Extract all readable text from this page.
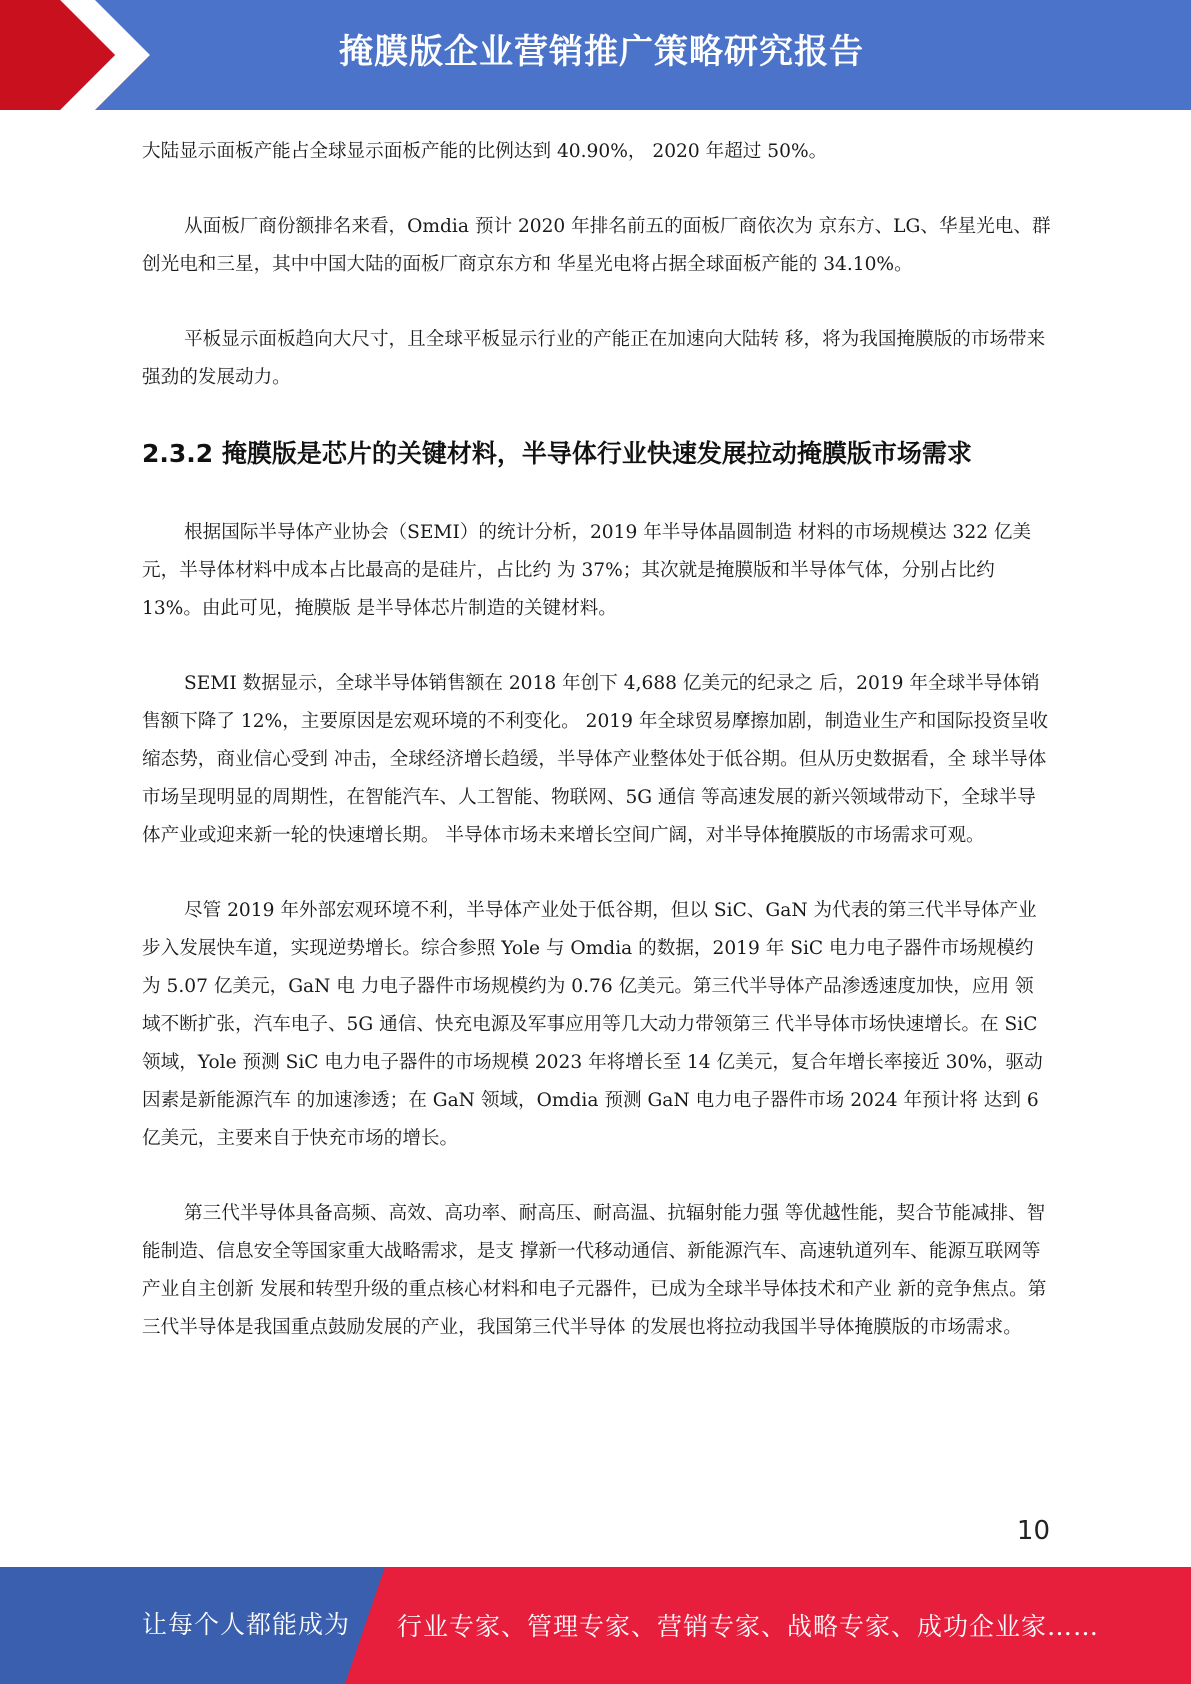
掩膜版企业营销推广策略研究报告

大陆显示面板产能占全球显示面板产能的比例达到 40.90%， 2020 年超过 50%。

从面板厂商份额排名来看，Omdia 预计 2020 年排名前五的面板厂商依次为 京东方、LG、华星光电、群创光电和三星，其中中国大陆的面板厂商京东方和 华星光电将占据全球面板产能的 34.10%。

平板显示面板趋向大尺寸，且全球平板显示行业的产能正在加速向大陆转 移，将为我国掩膜版的市场带来强劲的发展动力。

2.3.2 掩膜版是芯片的关键材料，半导体行业快速发展拉动掩膜版市场需求

根据国际半导体产业协会（SEMI）的统计分析，2019 年半导体晶圆制造 材料的市场规模达 322 亿美元，半导体材料中成本占比最高的是硅片，占比约 为 37%；其次就是掩膜版和半导体气体，分别占比约 13%。由此可见，掩膜版 是半导体芯片制造的关键材料。

SEMI 数据显示，全球半导体销售额在 2018 年创下 4,688 亿美元的纪录之 后，2019 年全球半导体销售额下降了 12%，主要原因是宏观环境的不利变化。 2019 年全球贸易摩擦加剧，制造业生产和国际投资呈收缩态势，商业信心受到 冲击，全球经济增长趋缓，半导体产业整体处于低谷期。但从历史数据看，全 球半导体市场呈现明显的周期性，在智能汽车、人工智能、物联网、5G 通信 等高速发展的新兴领域带动下，全球半导体产业或迎来新一轮的快速增长期。 半导体市场未来增长空间广阔，对半导体掩膜版的市场需求可观。

尽管 2019 年外部宏观环境不利，半导体产业处于低谷期，但以 SiC、GaN 为代表的第三代半导体产业步入发展快车道，实现逆势增长。综合参照 Yole 与 Omdia 的数据，2019 年 SiC 电力电子器件市场规模约为 5.07 亿美元，GaN 电 力电子器件市场规模约为 0.76 亿美元。第三代半导体产品渗透速度加快，应用 领域不断扩张，汽车电子、5G 通信、快充电源及军事应用等几大动力带领第三 代半导体市场快速增长。在 SiC 领域，Yole 预测 SiC 电力电子器件的市场规模 2023 年将增长至 14 亿美元，复合年增长率接近 30%，驱动因素是新能源汽车 的加速渗透；在 GaN 领域，Omdia 预测 GaN 电力电子器件市场 2024 年预计将 达到 6 亿美元，主要来自于快充市场的增长。

第三代半导体具备高频、高效、高功率、耐高压、耐高温、抗辐射能力强 等优越性能，契合节能减排、智能制造、信息安全等国家重大战略需求，是支 撑新一代移动通信、新能源汽车、高速轨道列车、能源互联网等产业自主创新 发展和转型升级的重点核心材料和电子元器件，已成为全球半导体技术和产业 新的竞争焦点。第三代半导体是我国重点鼓励发展的产业，我国第三代半导体 的发展也将拉动我国半导体掩膜版的市场需求。

10
让每个人都能成为 行业专家、管理专家、营销专家、战略专家、成功企业家……
